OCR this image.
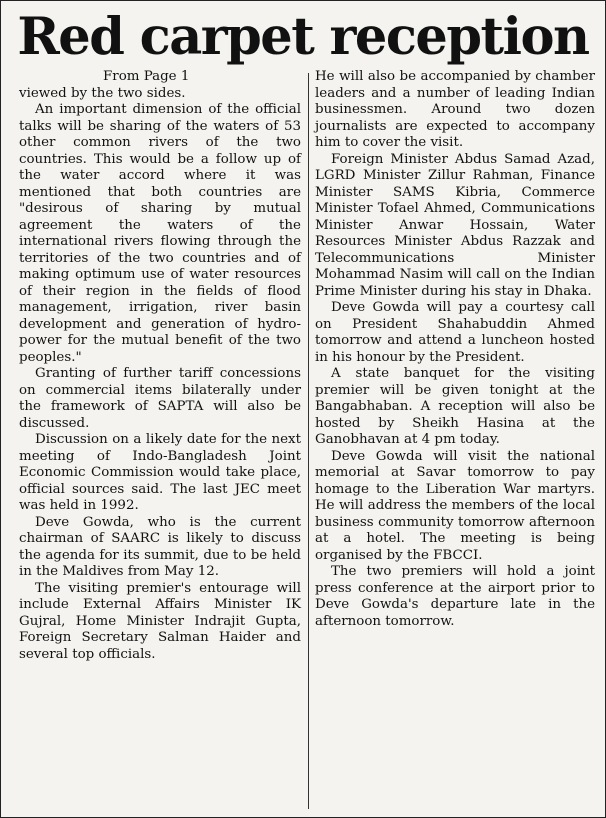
Red carpet reception
From Page 1

viewed by the two sides.

An important dimension of the official talks will be sharing of the waters of 53 other common rivers of the two countries. This would be a follow up of the water accord where it was mentioned that both countries are "desirous of sharing by mutual agreement the waters of the international rivers flowing through the territories of the two countries and of making optimum use of water resources of their region in the fields of flood management, irrigation, river basin development and generation of hydro-power for the mutual benefit of the two peoples."

Granting of further tariff concessions on commercial items bilaterally under the framework of SAPTA will also be discussed.

Discussion on a likely date for the next meeting of Indo-Bangladesh Joint Economic Commission would take place, official sources said. The last JEC meet was held in 1992.

Deve Gowda, who is the current chairman of SAARC is likely to discuss the agenda for its summit, due to be held in the Maldives from May 12.

The visiting premier's entourage will include External Affairs Minister IK Gujral, Home Minister Indrajit Gupta, Foreign Secretary Salman Haider and several top officials.

He will also be accompanied by chamber leaders and a number of leading Indian businessmen. Around two dozen journalists are expected to accompany him to cover the visit.

Foreign Minister Abdus Samad Azad, LGRD Minister Zillur Rahman, Finance Minister SAMS Kibria, Commerce Minister Tofael Ahmed, Communications Minister Anwar Hossain, Water Resources Minister Abdus Razzak and Telecommunications Minister Mohammad Nasim will call on the Indian Prime Minister during his stay in Dhaka.

Deve Gowda will pay a courtesy call on President Shahabuddin Ahmed tomorrow and attend a luncheon hosted in his honour by the President.

A state banquet for the visiting premier will be given tonight at the Bangabhaban. A reception will also be hosted by Sheikh Hasina at the Ganobhavan at 4 pm today.

Deve Gowda will visit the national memorial at Savar tomorrow to pay homage to the Liberation War martyrs. He will address the members of the local business community tomorrow afternoon at a hotel. The meeting is being organised by the FBCCI.

The two premiers will hold a joint press conference at the airport prior to Deve Gowda's departure late in the afternoon tomorrow.
